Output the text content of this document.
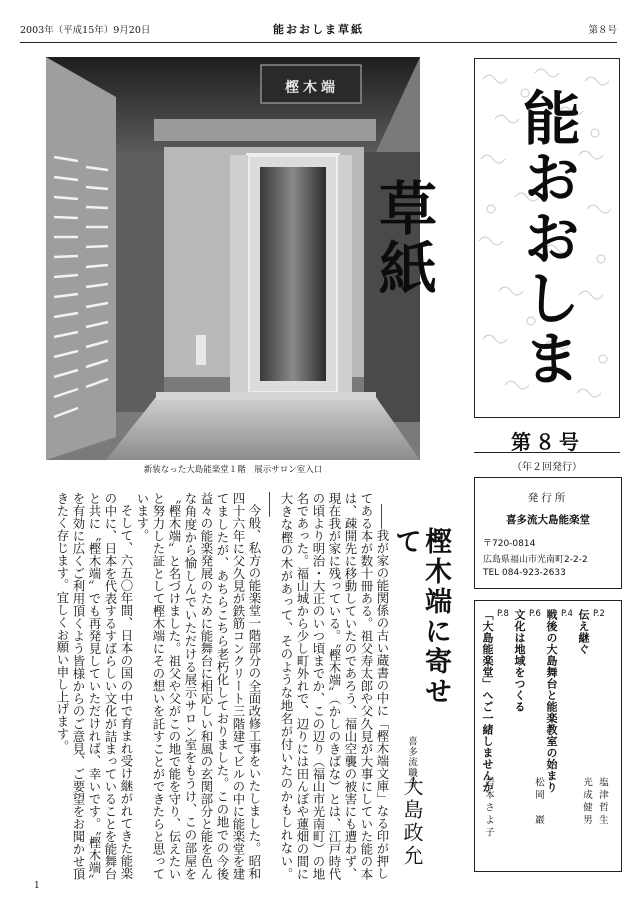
2003年（平成15年）9月20日	能おおしま草紙	第８号
樫木端
新装なった大島能楽堂１階　展示サロン室入口
能おおしま草紙
第８号
（年２回発行）
発行所
喜多流大島能楽堂
〒720-0814
広島県福山市光南町2-2-2
TEL 084-923-2633
P.2
伝え継ぐ
塩津哲生
P.4
戦後の大島舞台と能楽教室の始まり
光成健男
P.6
文化は地域をつくる
松岡　巖
P.8
「大島能楽堂」へご一緒しませんか
岩本さよ子
樫木端に寄せて
喜多流職分
大島政允

――我が家の能関係の古い蔵書の中に「樫木端文庫」なる印が押してある本が数十冊ある。祖父寿太郎や父久見が大事にしていた能の本は、疎開先に移動していたのであろう、福山空襲の被害にも遭わず、現在我が家に残っている。〝樫木端〟（かしのきばな）とは、江戸時代の頃より明治・大正のいつ頃までか、この辺り（福山市光南町）の地名であった。福山城から少し町外れで、辺りには田んぼや蓮畑の間に大きな樫の木があって、そのような地名が付いたのかもしれない。――

今般、私方の能楽堂一階部分の全面改修工事をいたしました。昭和四十六年に父久見が鉄筋コンクリート三階建てビルの中に能楽堂を建てましたが、あちらこちら老朽化しておりました。この地での今後益々の能楽発展のために能舞台に相応しい和風の玄関部分と能を色んな角度から愉しんでいただける展示サロン室をもうけ、この部屋を〝樫木端〟と名づけました。祖父や父がこの地で能を守り、伝えたいと努力した証として樫木端にその想いを託すことができたらと思っています。

そして、六五〇年間、日本の国の中で育まれ受け継がれてきた能楽の中に、日本を代表するすばらしい文化が詰まっていることを能舞台と共に〝樫木端〟でも再発見していただければ、幸いです。〝樫木端〟を有効に広くご利用頂くよう皆様からのご意見、ご要望をお聞かせ頂きたく存じます。宜しくお願い申し上げます。

1
